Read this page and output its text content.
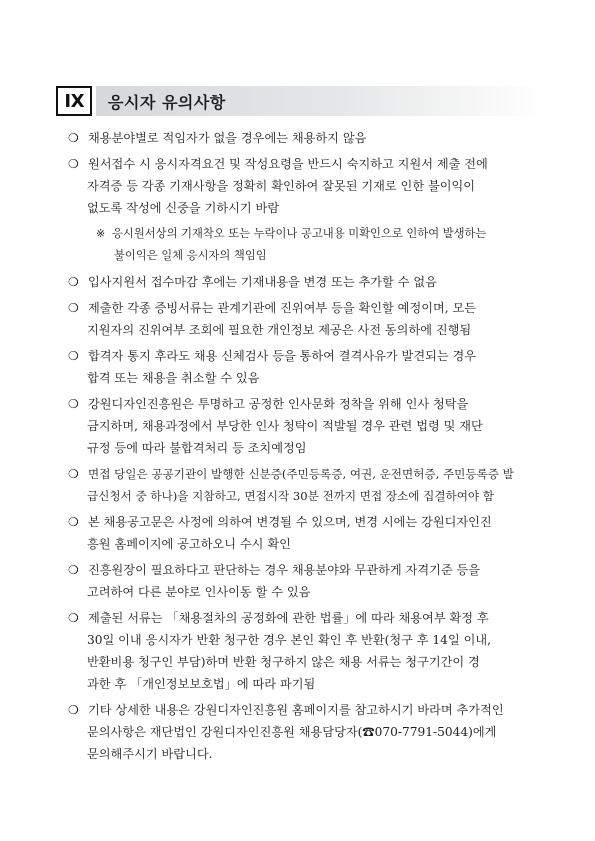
Ⅸ	응시자 유의사항
❍ 채용분야별로 적임자가 없을 경우에는 채용하지 않음
❍ 원서접수 시 응시자격요건 및 작성요령을 반드시 숙지하고 지원서 제출 전에
자격증 등 각종 기재사항을 정확히 확인하여 잘못된 기재로 인한 불이익이
없도록 작성에 신중을 기하시기 바람
※ 응시원서상의 기재착오 또는 누락이나 공고내용 미확인으로 인하여 발생하는
불이익은 일체 응시자의 책임임
❍ 입사지원서 접수마감 후에는 기재내용을 변경 또는 추가할 수 없음
❍ 제출한 각종 증빙서류는 관계기관에 진위여부 등을 확인할 예정이며, 모든
지원자의 진위여부 조회에 필요한 개인정보 제공은 사전 동의하에 진행됨
❍ 합격자 통지 후라도 채용 신체검사 등을 통하여 결격사유가 발견되는 경우
합격 또는 채용을 취소할 수 있음
❍ 강원디자인진흥원은 투명하고 공정한 인사문화 정착을 위해 인사 청탁을
금지하며, 채용과정에서 부당한 인사 청탁이 적발될 경우 관련 법령 및 재단
규정 등에 따라 불합격처리 등 조치예정임
❍ 면접 당일은 공공기관이 발행한 신분증(주민등록증, 여권, 운전면허증, 주민등록증 발
급신청서 중 하나)을 지참하고, 면접시작 30분 전까지 면접 장소에 집결하여야 함
❍ 본 채용공고문은 사정에 의하여 변경될 수 있으며, 변경 시에는 강원디자인진
흥원 홈페이지에 공고하오니 수시 확인
❍ 진흥원장이 필요하다고 판단하는 경우 채용분야와 무관하게 자격기준 등을
고려하여 다른 분야로 인사이동 할 수 있음
❍ 제출된 서류는 「채용절차의 공정화에 관한 법률」에 따라 채용여부 확정 후
30일 이내 응시자가 반환 청구한 경우 본인 확인 후 반환(청구 후 14일 이내,
반환비용 청구인 부담)하며 반환 청구하지 않은 채용 서류는 청구기간이 경
과한 후 「개인정보보호법」에 따라 파기됨
❍ 기타 상세한 내용은 강원디자인진흥원 홈페이지를 참고하시기 바라며 추가적인
문의사항은 재단법인 강원디자인진흥원 채용담당자(☎070-7791-5044)에게
문의해주시기 바랍니다.
